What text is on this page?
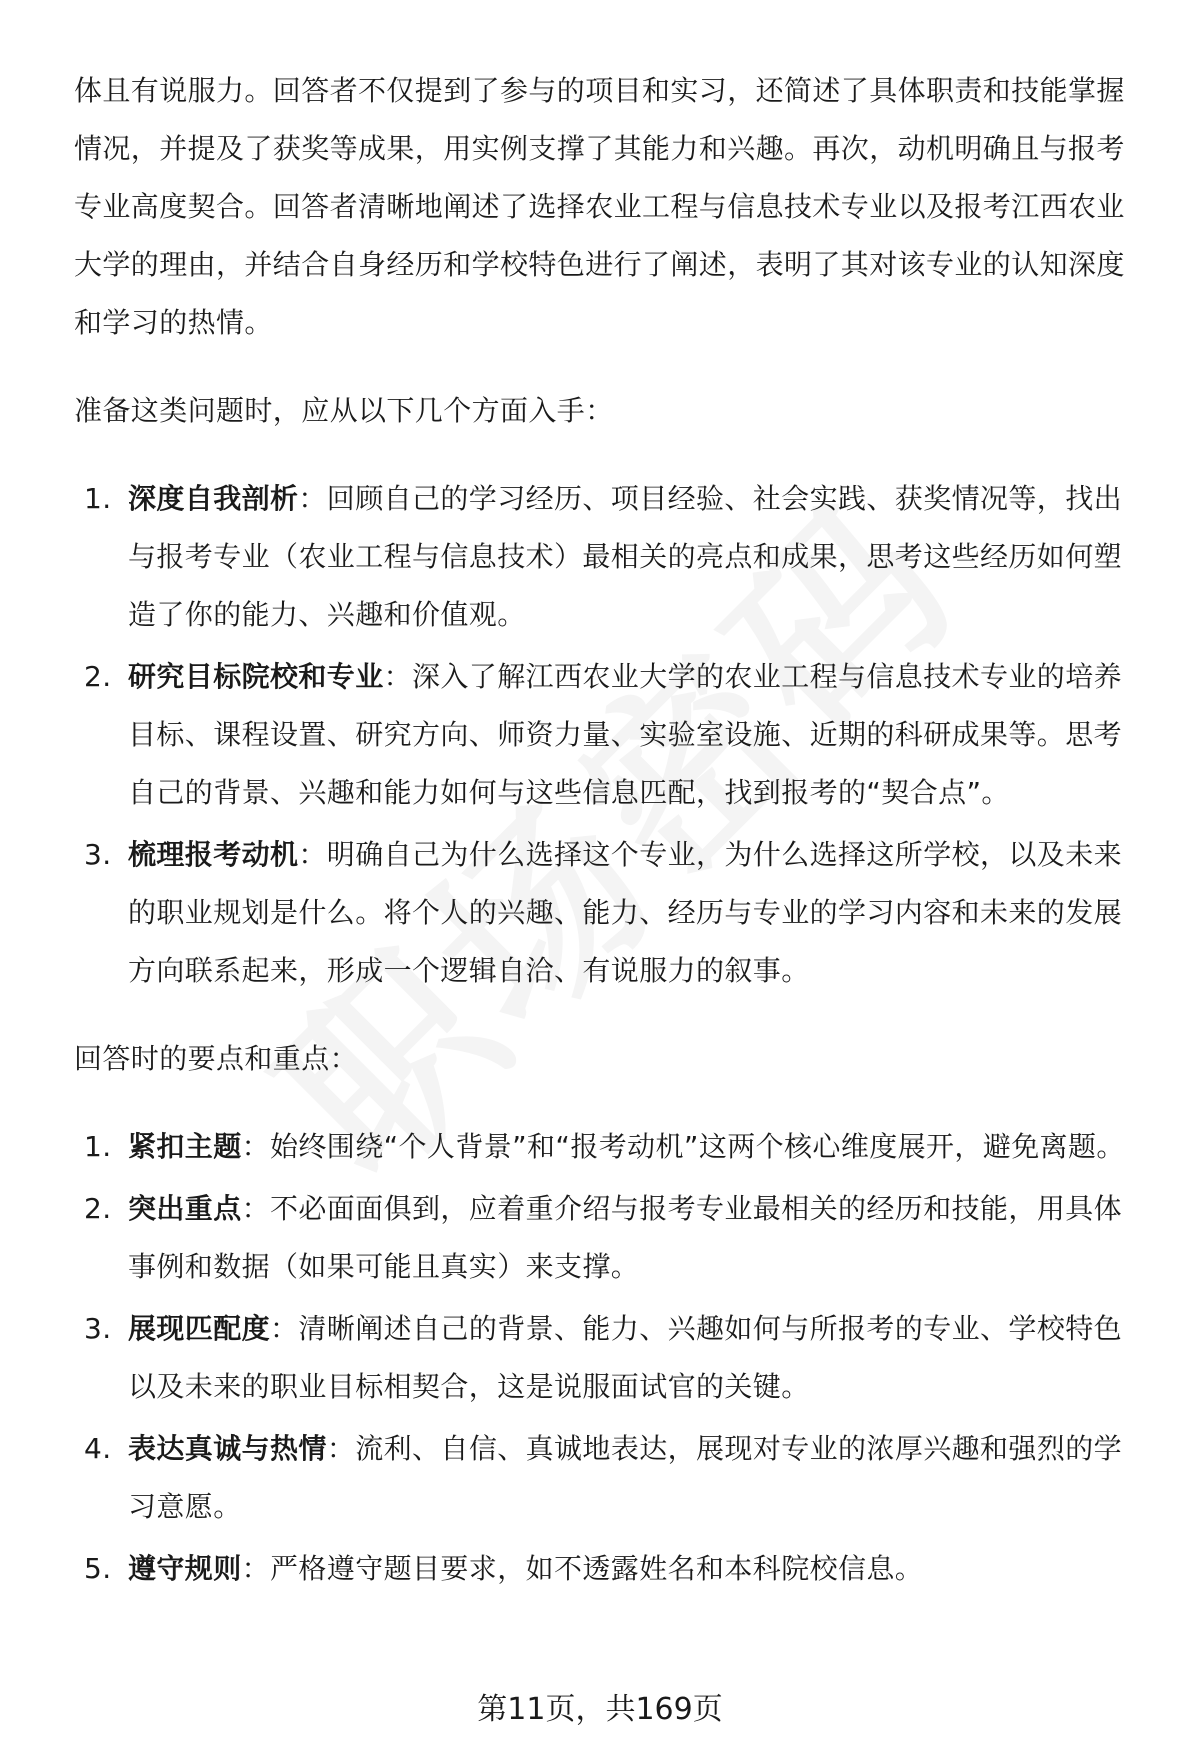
体且有说服力。回答者不仅提到了参与的项目和实习，还简述了具体职责和技能掌握情况，并提及了获奖等成果，用实例支撑了其能力和兴趣。再次，动机明确且与报考专业高度契合。回答者清晰地阐述了选择农业工程与信息技术专业以及报考江西农业大学的理由，并结合自身经历和学校特色进行了阐述，表明了其对该专业的认知深度和学习的热情。

准备这类问题时，应从以下几个方面入手：

1. 深度自我剖析：回顾自己的学习经历、项目经验、社会实践、获奖情况等，找出与报考专业（农业工程与信息技术）最相关的亮点和成果，思考这些经历如何塑造了你的能力、兴趣和价值观。
2. 研究目标院校和专业：深入了解江西农业大学的农业工程与信息技术专业的培养目标、课程设置、研究方向、师资力量、实验室设施、近期的科研成果等。思考自己的背景、兴趣和能力如何与这些信息匹配，找到报考的“契合点”。
3. 梳理报考动机：明确自己为什么选择这个专业，为什么选择这所学校，以及未来的职业规划是什么。将个人的兴趣、能力、经历与专业的学习内容和未来的发展方向联系起来，形成一个逻辑自洽、有说服力的叙事。

回答时的要点和重点：

1. 紧扣主题：始终围绕“个人背景”和“报考动机”这两个核心维度展开，避免离题。
2. 突出重点：不必面面俱到，应着重介绍与报考专业最相关的经历和技能，用具体事例和数据（如果可能且真实）来支撑。
3. 展现匹配度：清晰阐述自己的背景、能力、兴趣如何与所报考的专业、学校特色以及未来的职业目标相契合，这是说服面试官的关键。
4. 表达真诚与热情：流利、自信、真诚地表达，展现对专业的浓厚兴趣和强烈的学习意愿。
5. 遵守规则：严格遵守题目要求，如不透露姓名和本科院校信息。
第11页，共169页
